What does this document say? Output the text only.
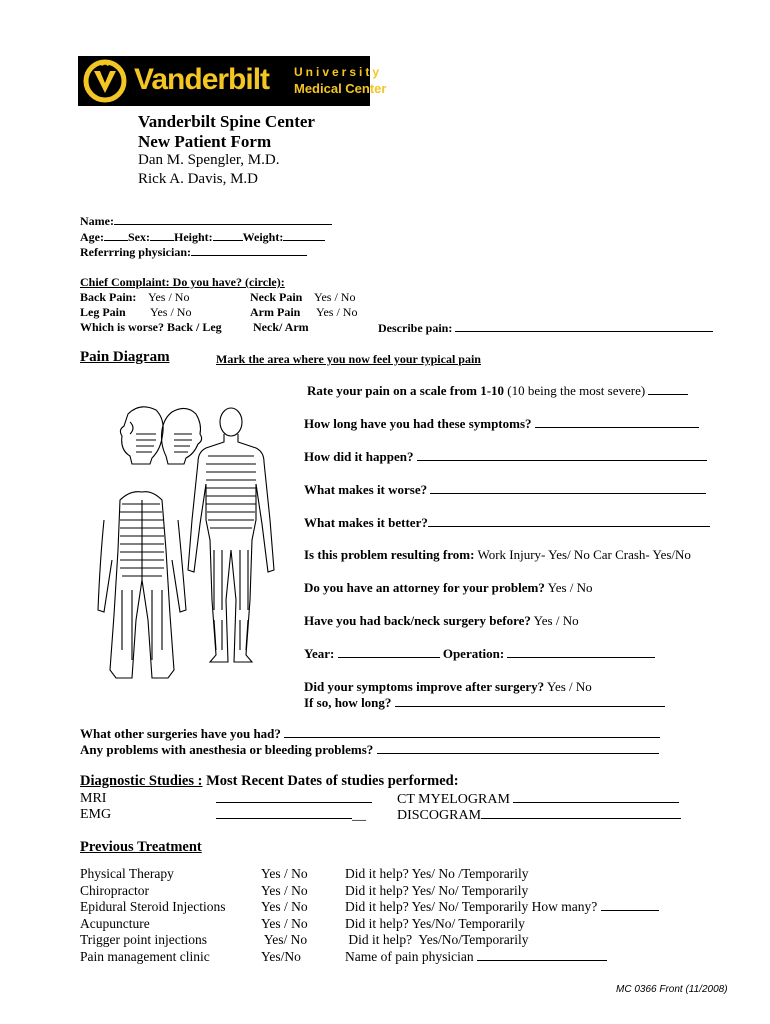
Vanderbilt University
Medical Center
Vanderbilt Spine Center
New Patient Form
Dan M. Spengler, M.D.
Rick A. Davis, M.D
Name:
Age: Sex: Height:	Weight:
Referrring physician:
Chief Complaint: Do you have? (circle):
Back Pain: Yes / No	Neck Pain Yes / No
Leg Pain Yes / No	Arm Pain Yes / No
Which is worse? Back / Leg	Neck/ Arm	Describe pain:
Pain Diagram	Mark the area where you now feel your typical pain
Rate your pain on a scale from 1-10 (10 being the most severe)
How long have you had these symptoms?
How did it happen?
What makes it worse?
What makes it better?
Is this problem resulting from: Work Injury- Yes/ No Car Crash- Yes/No
Do you have an attorney for your problem? Yes / No
Have you had back/neck surgery before? Yes / No
Year:	Operation:
Did your symptoms improve after surgery? Yes / No
If so, how long?
What other surgeries have you had?
Any problems with anesthesia or bleeding problems?
Diagnostic Studies : Most Recent Dates of studies performed:
MRI	CT MYELOGRAM
EMG	__ DISCOGRAM
Previous Treatment
Physical Therapy	Yes / No	Did it help? Yes/ No /Temporarily
Chiropractor	Yes / No	Did it help? Yes/ No/ Temporarily
Epidural Steroid Injections	Yes / No	Did it help? Yes/ No/ Temporarily How many?
Acupuncture	Yes / No	Did it help? Yes/No/ Temporarily
Trigger point injections	Yes/ No	Did it help?  Yes/No/Temporarily
Pain management clinic	Yes/No	Name of pain physician
MC 0366 Front (11/2008)
